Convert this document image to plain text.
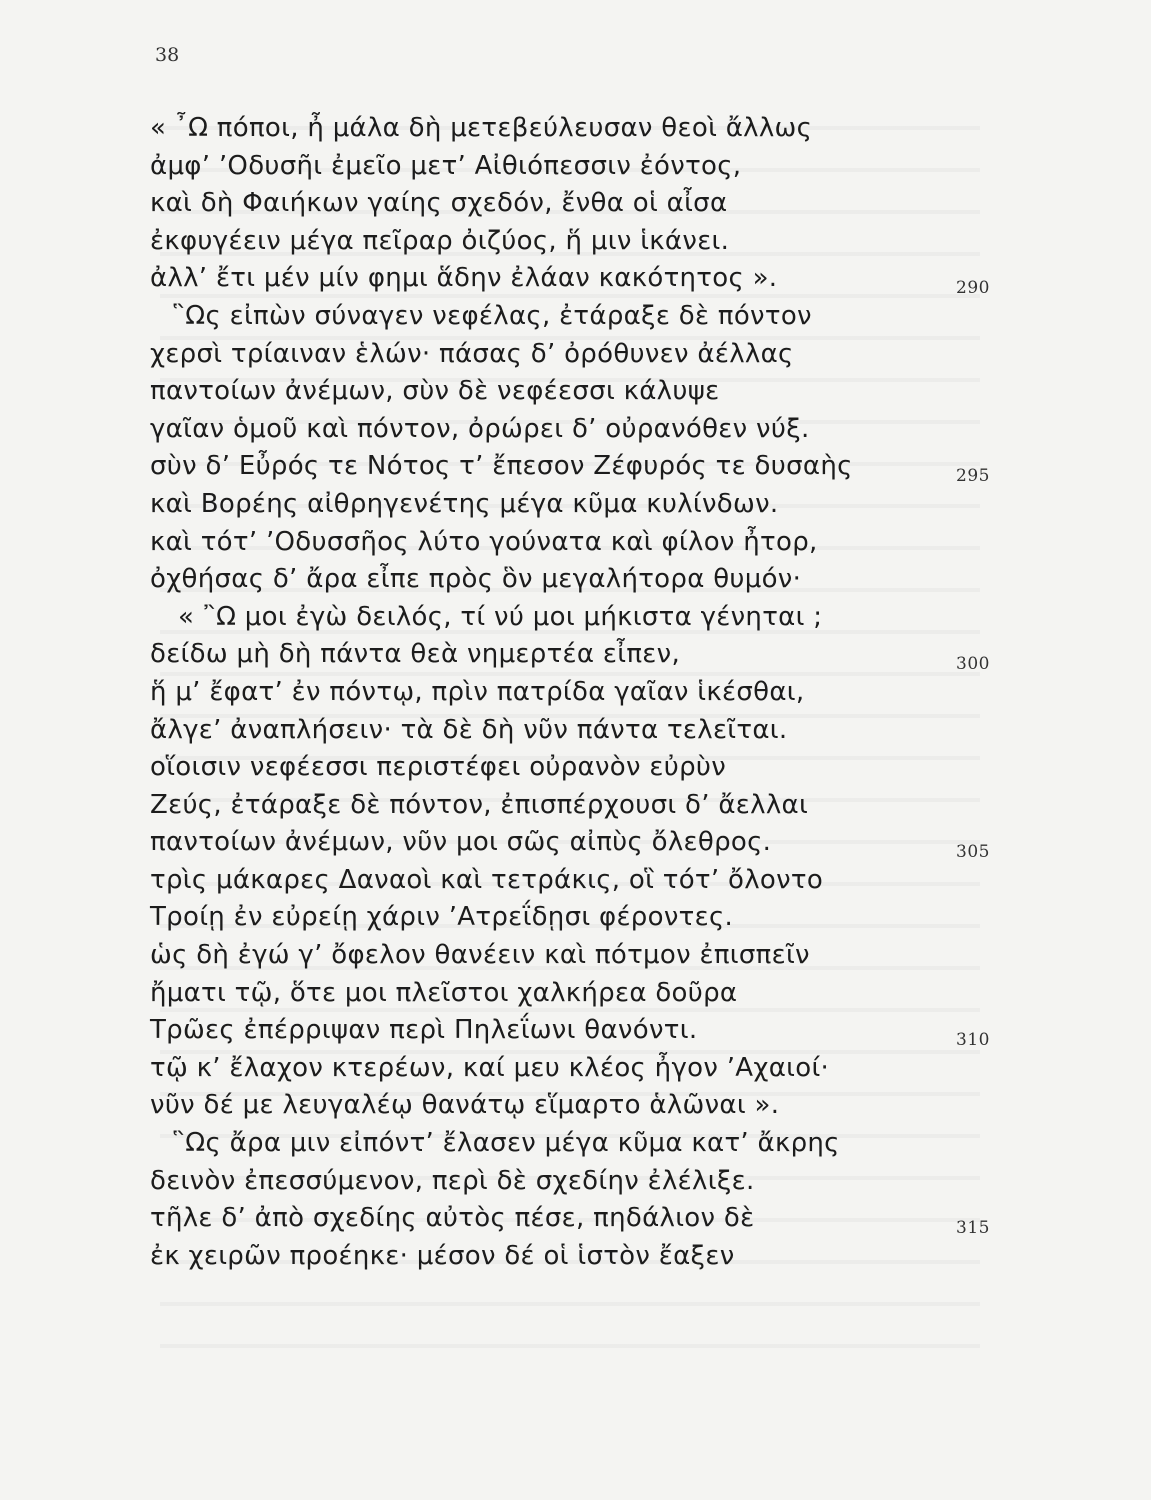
38
« ῏Ω πόποι, ἦ μάλα δὴ μετεβεύλευσαν θεοὶ ἄλλως
ἀμφ’ ’Οδυσῆι ἐμεῖο μετ’ Αἰθιόπεσσιν ἐόντος,
καὶ δὴ Φαιήκων γαίης σχεδόν, ἔνθα οἱ αἶσα
ἐκφυγέειν μέγα πεῖραρ ὀιζύος, ἥ μιν ἱκάνει.
ἀλλ’ ἔτι μέν μίν φημι ἅδην ἐλάαν κακότητος ».	290
῝Ως εἰπὼν σύναγεν νεφέλας, ἐτάραξε δὲ πόντον
χερσὶ τρίαιναν ἑλών· πάσας δ’ ὀρόθυνεν ἀέλλας
παντοίων ἀνέμων, σὺν δὲ νεφέεσσι κάλυψε
γαῖαν ὁμοῦ καὶ πόντον, ὀρώρει δ’ οὐρανόθεν νύξ.
σὺν δ’ Εὖρός τε Νότος τ’ ἔπεσον Ζέφυρός τε δυσαὴς	295
καὶ Βορέης αἰθρηγενέτης μέγα κῦμα κυλίνδων.
καὶ τότ’ ’Οδυσσῆος λύτο γούνατα καὶ φίλον ἦτορ,
ὀχθήσας δ’ ἄρα εἶπε πρὸς ὃν μεγαλήτορα θυμόν·
« ῍Ω μοι ἐγὼ δειλός, τί νύ μοι μήκιστα γένηται ;
δείδω μὴ δὴ πάντα θεὰ νημερτέα εἶπεν,	300
ἥ μ’ ἔφατ’ ἐν πόντῳ, πρὶν πατρίδα γαῖαν ἱκέσθαι,
ἄλγε’ ἀναπλήσειν· τὰ δὲ δὴ νῦν πάντα τελεῖται.
οἵοισιν νεφέεσσι περιστέφει οὐρανὸν εὐρὺν
Ζεύς, ἐτάραξε δὲ πόντον, ἐπισπέρχουσι δ’ ἄελλαι
παντοίων ἀνέμων, νῦν μοι σῶς αἰπὺς ὄλεθρος.	305
τρὶς μάκαρες Δαναοὶ καὶ τετράκις, οἳ τότ’ ὄλοντο
Τροίῃ ἐν εὐρείῃ χάριν ’Ατρεΐδῃσι φέροντες.
ὡς δὴ ἐγώ γ’ ὄφελον θανέειν καὶ πότμον ἐπισπεῖν
ἤματι τῷ, ὅτε μοι πλεῖστοι χαλκήρεα δοῦρα
Τρῶες ἐπέρριψαν περὶ Πηλεΐωνι θανόντι.	310
τῷ κ’ ἔλαχον κτερέων, καί μευ κλέος ἦγον ’Αχαιοί·
νῦν δέ με λευγαλέῳ θανάτῳ εἵμαρτο ἁλῶναι ».
῝Ως ἄρα μιν εἰπόντ’ ἔλασεν μέγα κῦμα κατ’ ἄκρης
δεινὸν ἐπεσσύμενον, περὶ δὲ σχεδίην ἐλέλιξε.
τῆλε δ’ ἀπὸ σχεδίης αὐτὸς πέσε, πηδάλιον δὲ	315
ἐκ χειρῶν προέηκε· μέσον δέ οἱ ἱστὸν ἔαξεν
